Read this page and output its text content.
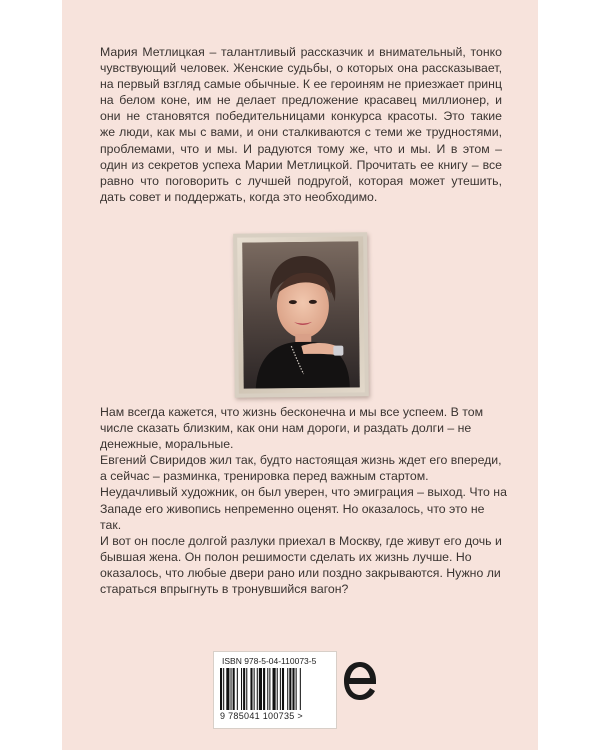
Мария Метлицкая – талантливый рассказчик и внимательный, тонко чувствующий человек. Женские судьбы, о которых она рассказывает, на первый взгляд самые обычные. К ее героиням не приезжает принц на белом коне, им не делает предложение красавец миллионер, и они не становятся победительницами конкурса красоты. Это такие же люди, как мы с вами, и они сталкиваются с теми же трудностями, проблемами, что и мы. И радуются тому же, что и мы. И в этом – один из секретов успеха Марии Метлицкой. Прочитать ее книгу – все равно что поговорить с лучшей подругой, которая может утешить, дать совет и поддержать, когда это необходимо.

Нам всегда кажется, что жизнь бесконечна и мы все успеем. В том числе сказать близким, как они нам дороги, и раздать долги – не денежные, моральные.

Евгений Свиридов жил так, будто настоящая жизнь ждет его впереди, а сейчас – разминка, тренировка перед важным стартом. Неудачливый художник, он был уверен, что эмиграция – выход. Что на Западе его живопись непременно оценят. Но оказалось, что это не так.

И вот он после долгой разлуки приехал в Москву, где живут его дочь и бывшая жена. Он полон решимости сделать их жизнь лучше. Но оказалось, что любые двери рано или поздно закрываются. Нужно ли стараться впрыгнуть в тронувшийся вагон?

ISBN 978-5-04-110073-5
9 785041 100735 >
